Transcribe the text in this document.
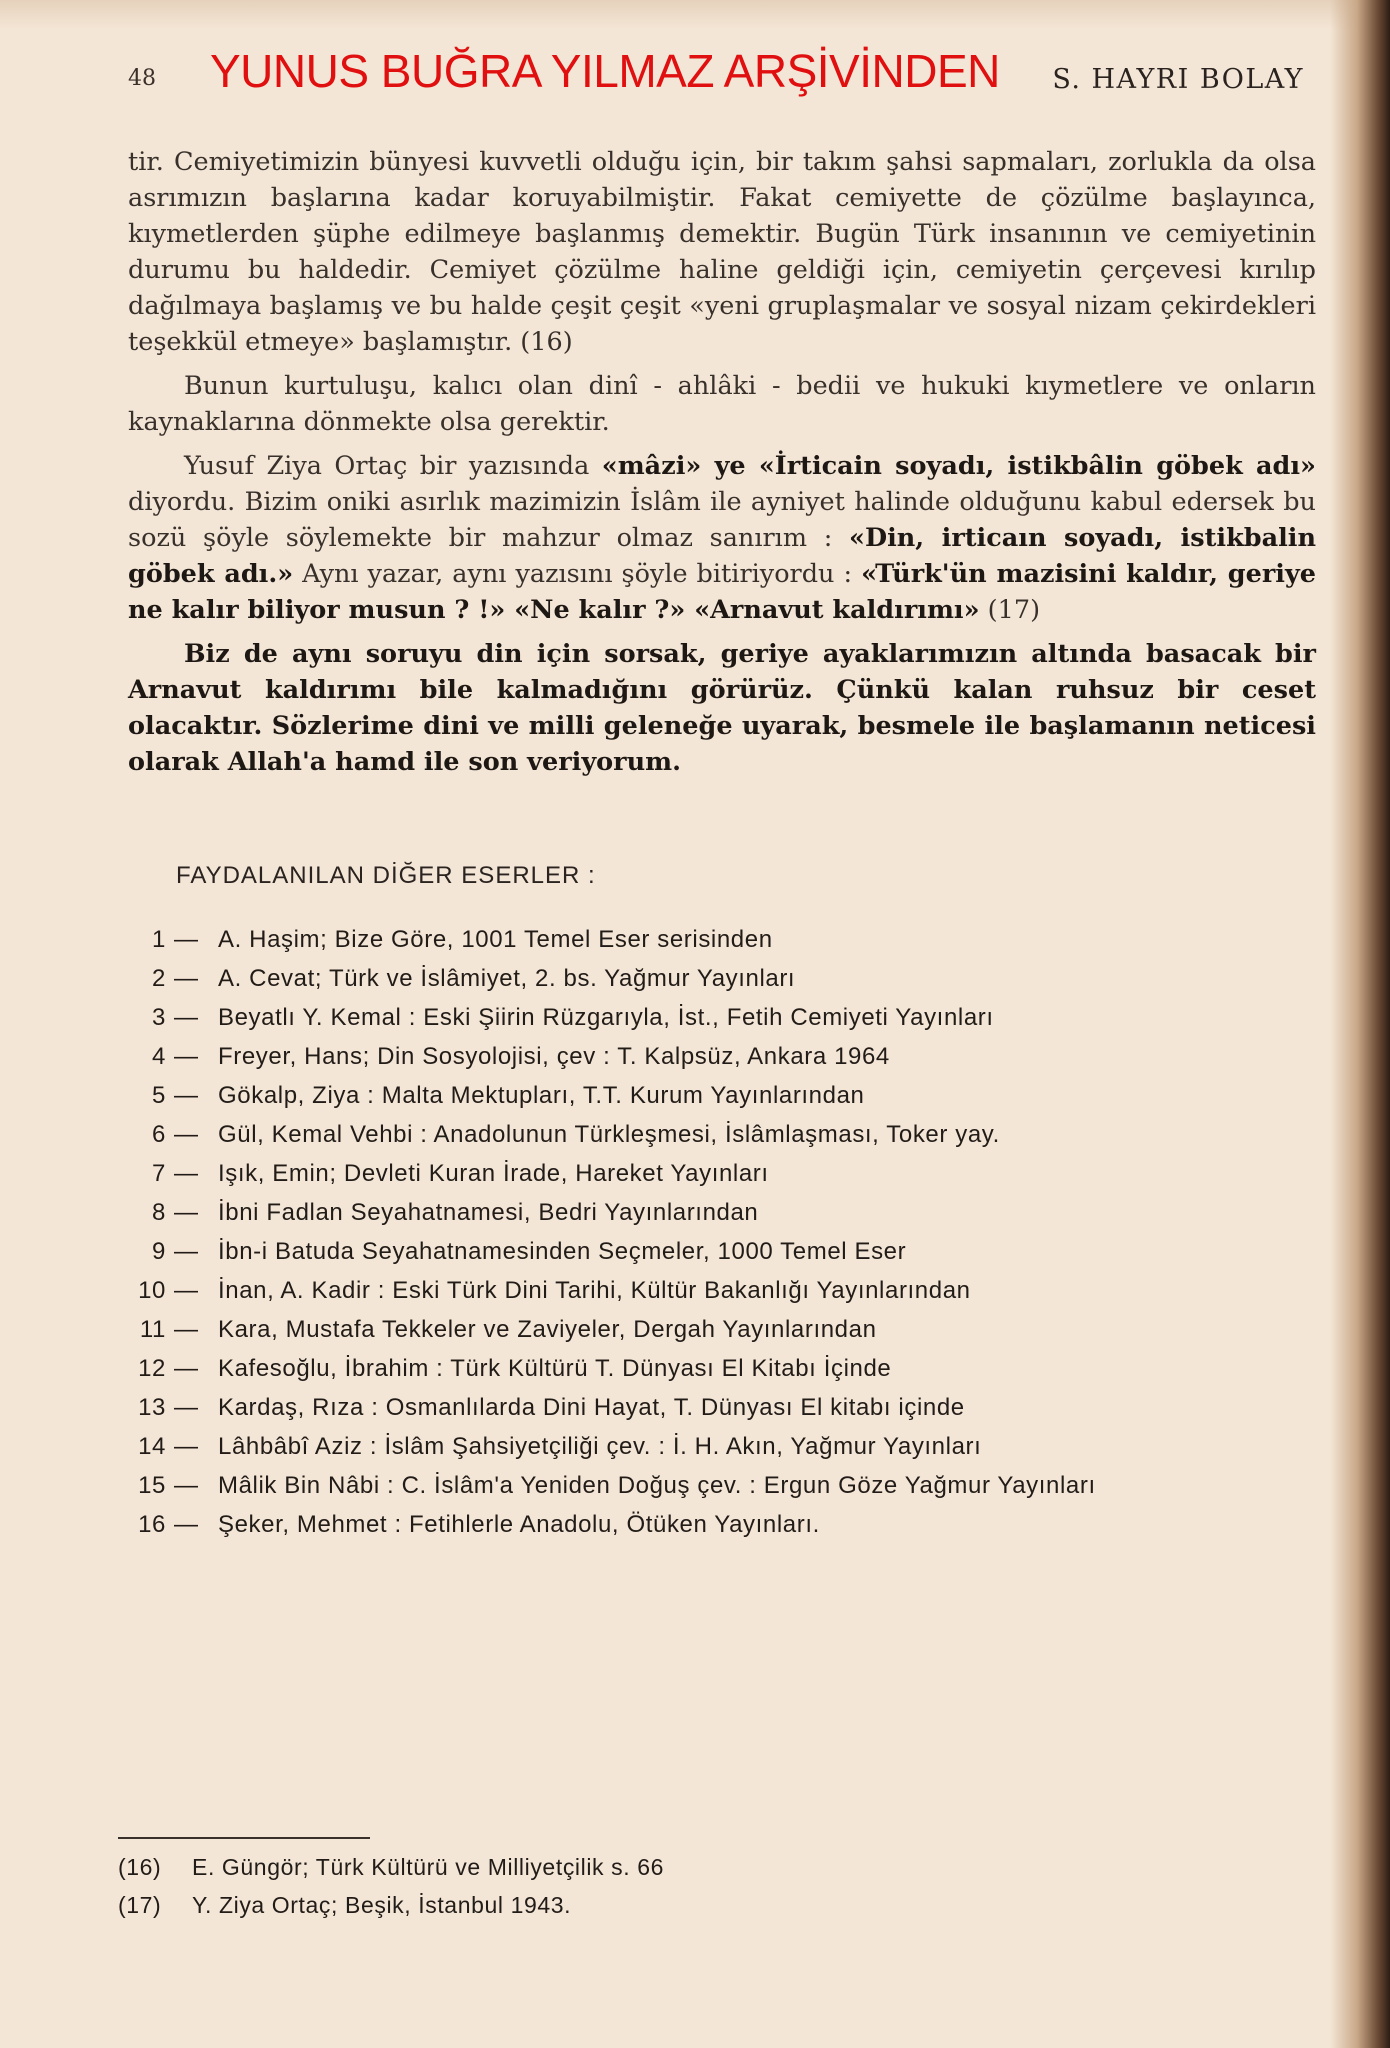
48 YUNUS BUĞRA YILMAZ ARŞİVİNDEN S. HAYRI BOLAY

tir. Cemiyetimizin bünyesi kuvvetli olduğu için, bir takım şahsi sapmaları, zorlukla da olsa asrımızın başlarına kadar koruyabilmiştir. Fakat cemiyette de çözülme başlayınca, kıymetlerden şüphe edilmeye başlanmış demektir. Bugün Türk insanının ve cemiyetinin durumu bu haldedir. Cemiyet çözülme haline geldiği için, cemiyetin çerçevesi kırılıp dağılmaya başlamış ve bu halde çeşit çeşit «yeni gruplaşmalar ve sosyal nizam çekirdekleri teşekkül etmeye» başlamıştır. (16)

Bunun kurtuluşu, kalıcı olan dinî - ahlâki - bedii ve hukuki kıymetlere ve onların kaynaklarına dönmekte olsa gerektir.

Yusuf Ziya Ortaç bir yazısında «mâzi» ye «İrticain soyadı, istikbâlin göbek adı» diyordu. Bizim oniki asırlık mazimizin İslâm ile ayniyet halinde olduğunu kabul edersek bu sozü şöyle söylemekte bir mahzur olmaz sanırım : «Din, irticaın soyadı, istikbalin göbek adı.» Aynı yazar, aynı yazısını şöyle bitiriyordu : «Türk'ün mazisini kaldır, geriye ne kalır biliyor musun ? !» «Ne kalır ?» «Arnavut kaldırımı» (17)

Biz de aynı soruyu din için sorsak, geriye ayaklarımızın altında basacak bir Arnavut kaldırımı bile kalmadığını görürüz. Çünkü kalan ruhsuz bir ceset olacaktır. Sözlerime dini ve milli geleneğe uyarak, besmele ile başlamanın neticesi olarak Allah'a hamd ile son veriyorum.

FAYDALANILAN DİĞER ESERLER :
1 — A. Haşim; Bize Göre, 1001 Temel Eser serisinden
2 — A. Cevat; Türk ve İslâmiyet, 2. bs. Yağmur Yayınları
3 — Beyatlı Y. Kemal : Eski Şiirin Rüzgarıyla, İst., Fetih Cemiyeti Yayınları
4 — Freyer, Hans; Din Sosyolojisi, çev : T. Kalpsüz, Ankara 1964
5 — Gökalp, Ziya : Malta Mektupları, T.T. Kurum Yayınlarından
6 — Gül, Kemal Vehbi : Anadolunun Türkleşmesi, İslâmlaşması, Toker yay.
7 — Işık, Emin; Devleti Kuran İrade, Hareket Yayınları
8 — İbni Fadlan Seyahatnamesi, Bedri Yayınlarından
9 — İbn-i Batuda Seyahatnamesinden Seçmeler, 1000 Temel Eser
10 — İnan, A. Kadir : Eski Türk Dini Tarihi, Kültür Bakanlığı Yayınlarından
11 — Kara, Mustafa Tekkeler ve Zaviyeler, Dergah Yayınlarından
12 — Kafesoğlu, İbrahim : Türk Kültürü T. Dünyası El Kitabı İçinde
13 — Kardaş, Rıza : Osmanlılarda Dini Hayat, T. Dünyası El kitabı içinde
14 — Lâhbâbî Aziz : İslâm Şahsiyetçiliği çev. : İ. H. Akın, Yağmur Yayınları
15 — Mâlik Bin Nâbi : C. İslâm'a Yeniden Doğuş çev. : Ergun Göze Yağmur Yayınları
16 — Şeker, Mehmet : Fetihlerle Anadolu, Ötüken Yayınları.
(16) E. Güngör; Türk Kültürü ve Milliyetçilik s. 66
(17) Y. Ziya Ortaç; Beşik, İstanbul 1943.
